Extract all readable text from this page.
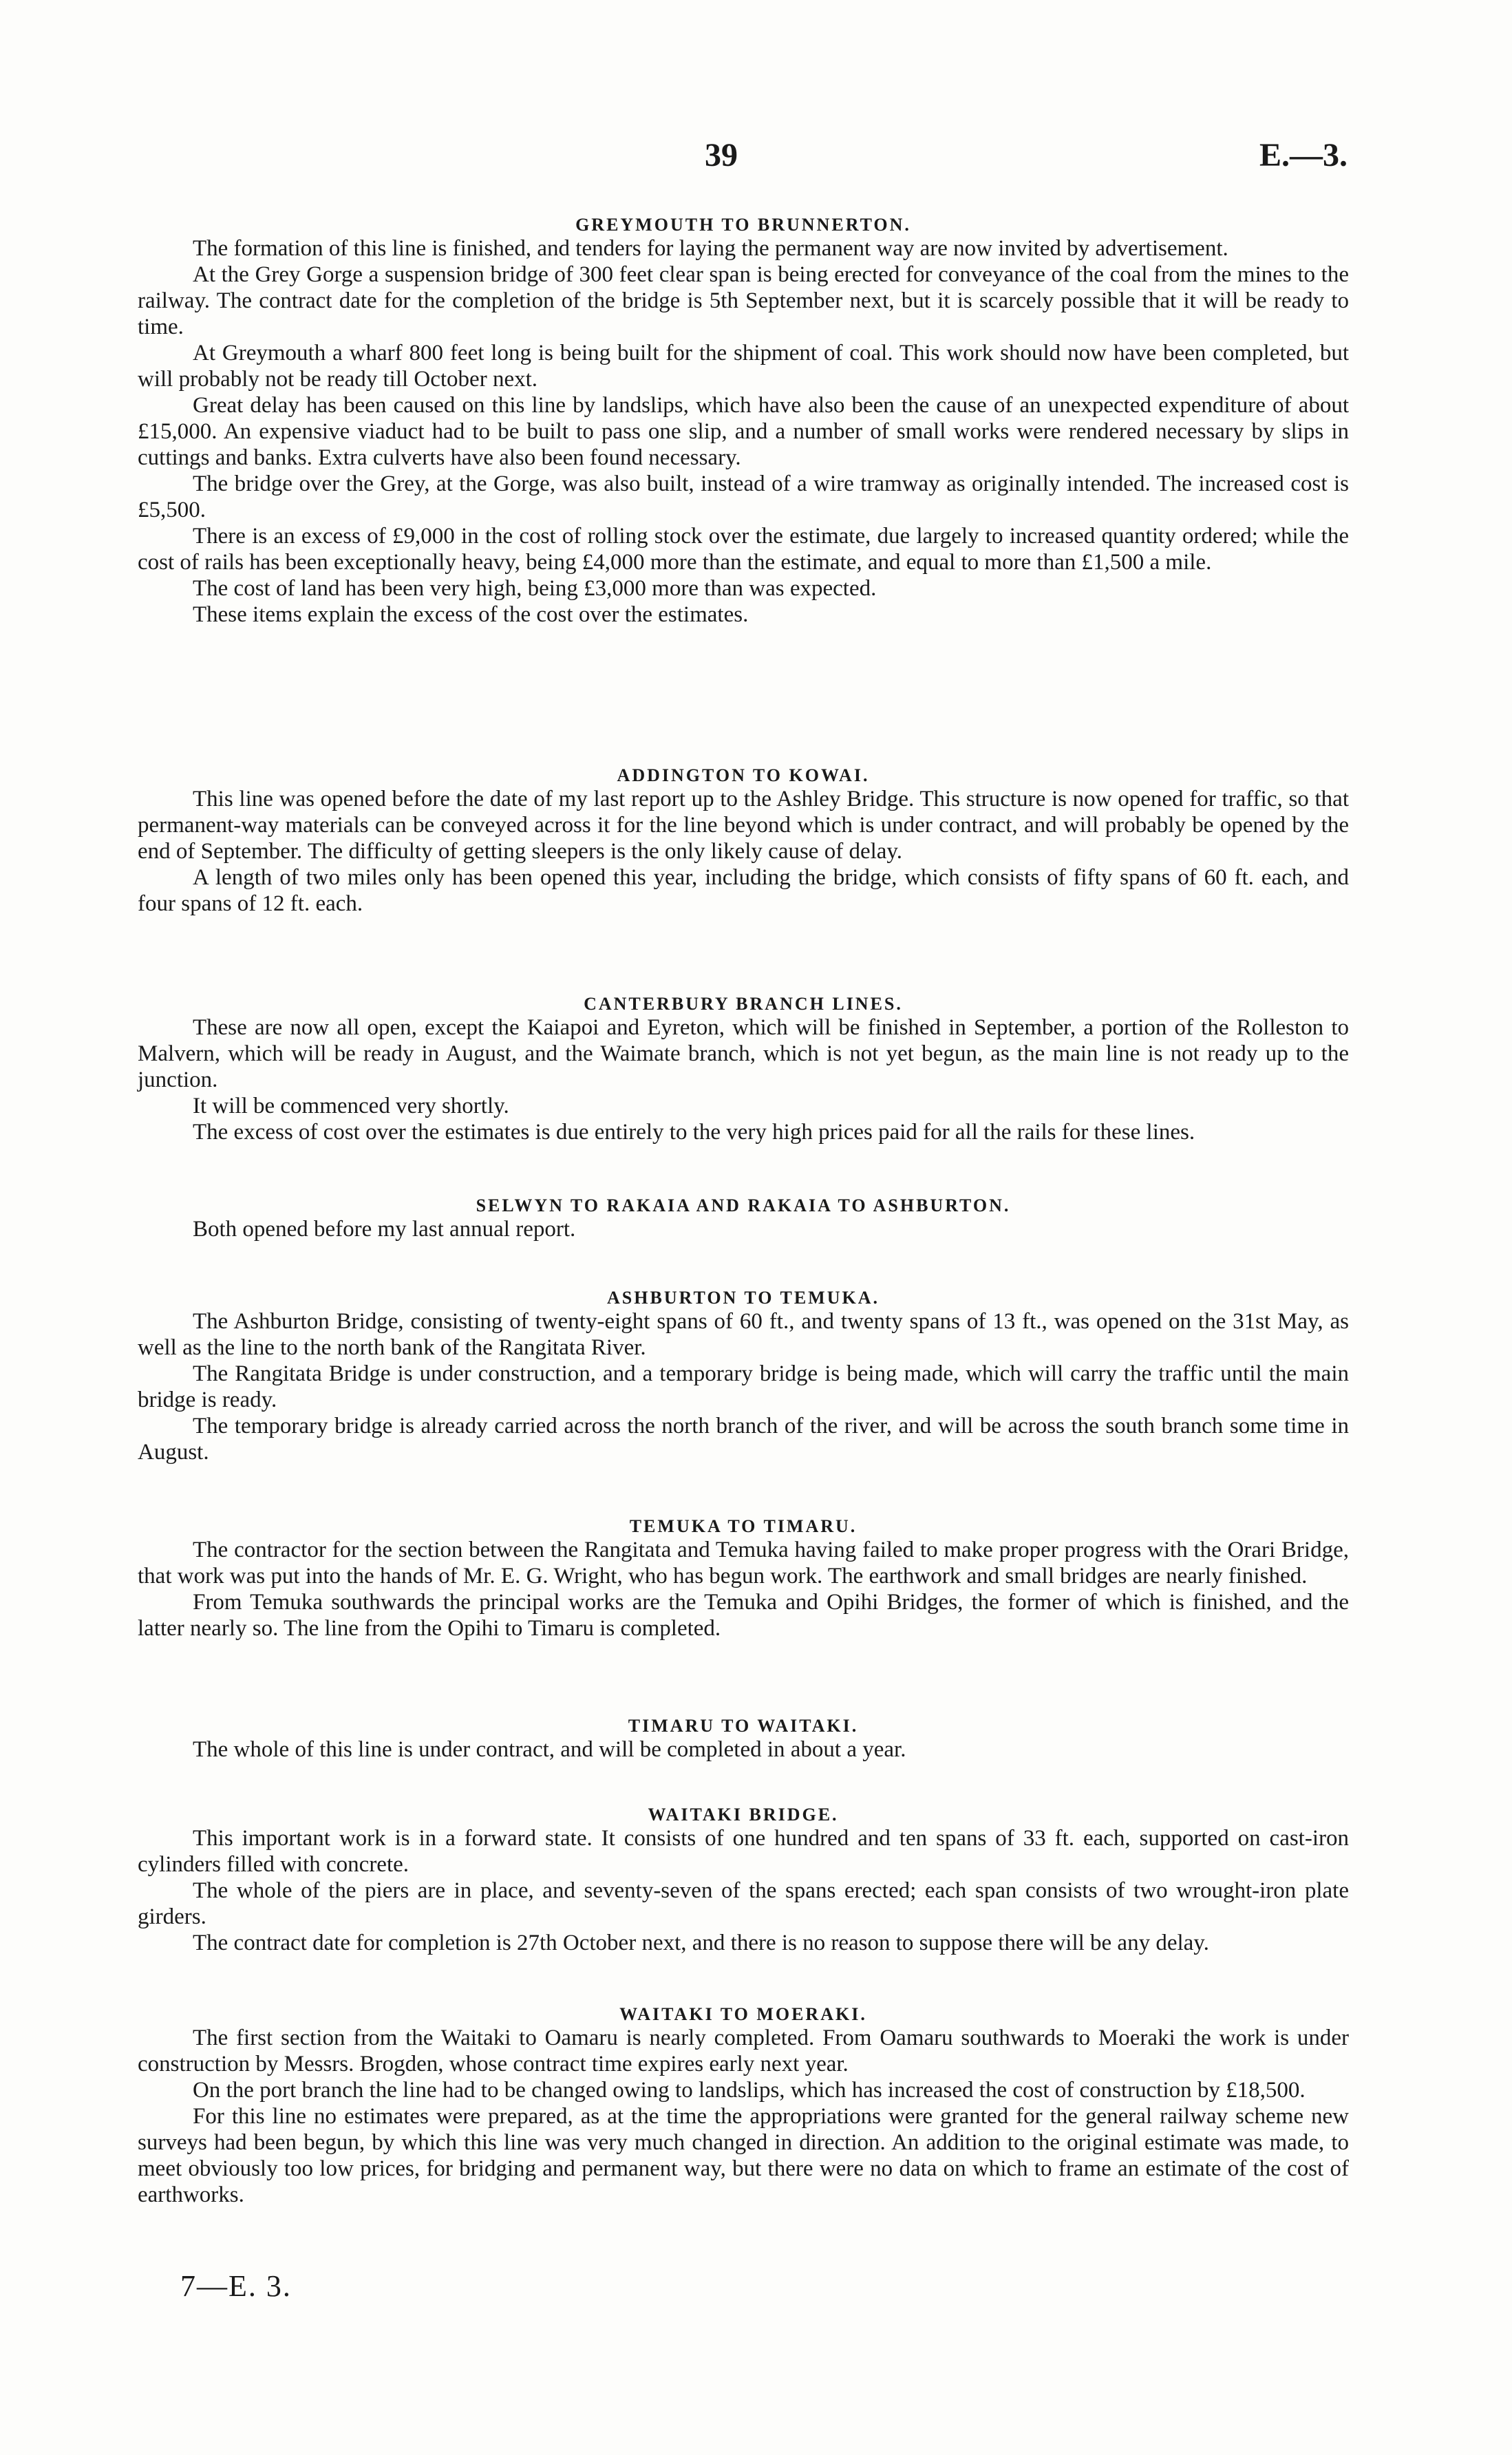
39	E.—3.
GREYMOUTH TO BRUNNERTON.

The formation of this line is finished, and tenders for laying the permanent way are now invited by advertisement.

At the Grey Gorge a suspension bridge of 300 feet clear span is being erected for conveyance of the coal from the mines to the railway. The contract date for the completion of the bridge is 5th September next, but it is scarcely possible that it will be ready to time.

At Greymouth a wharf 800 feet long is being built for the shipment of coal. This work should now have been completed, but will probably not be ready till October next.

Great delay has been caused on this line by landslips, which have also been the cause of an unexpected expenditure of about £15,000. An expensive viaduct had to be built to pass one slip, and a number of small works were rendered necessary by slips in cuttings and banks. Extra culverts have also been found necessary.

The bridge over the Grey, at the Gorge, was also built, instead of a wire tramway as originally intended. The increased cost is £5,500.

There is an excess of £9,000 in the cost of rolling stock over the estimate, due largely to increased quantity ordered; while the cost of rails has been exceptionally heavy, being £4,000 more than the estimate, and equal to more than £1,500 a mile.

The cost of land has been very high, being £3,000 more than was expected.

These items explain the excess of the cost over the estimates.

ADDINGTON TO KOWAI.

This line was opened before the date of my last report up to the Ashley Bridge. This structure is now opened for traffic, so that permanent-way materials can be conveyed across it for the line beyond which is under contract, and will probably be opened by the end of September. The difficulty of getting sleepers is the only likely cause of delay.

A length of two miles only has been opened this year, including the bridge, which consists of fifty spans of 60 ft. each, and four spans of 12 ft. each.

CANTERBURY BRANCH LINES.

These are now all open, except the Kaiapoi and Eyreton, which will be finished in September, a portion of the Rolleston to Malvern, which will be ready in August, and the Waimate branch, which is not yet begun, as the main line is not ready up to the junction.

It will be commenced very shortly.

The excess of cost over the estimates is due entirely to the very high prices paid for all the rails for these lines.

SELWYN TO RAKAIA AND RAKAIA TO ASHBURTON.

Both opened before my last annual report.

ASHBURTON TO TEMUKA.

The Ashburton Bridge, consisting of twenty-eight spans of 60 ft., and twenty spans of 13 ft., was opened on the 31st May, as well as the line to the north bank of the Rangitata River.

The Rangitata Bridge is under construction, and a temporary bridge is being made, which will carry the traffic until the main bridge is ready.

The temporary bridge is already carried across the north branch of the river, and will be across the south branch some time in August.

TEMUKA TO TIMARU.

The contractor for the section between the Rangitata and Temuka having failed to make proper progress with the Orari Bridge, that work was put into the hands of Mr. E. G. Wright, who has begun work. The earthwork and small bridges are nearly finished.

From Temuka southwards the principal works are the Temuka and Opihi Bridges, the former of which is finished, and the latter nearly so. The line from the Opihi to Timaru is completed.

TIMARU TO WAITAKI.

The whole of this line is under contract, and will be completed in about a year.

WAITAKI BRIDGE.

This important work is in a forward state. It consists of one hundred and ten spans of 33 ft. each, supported on cast-iron cylinders filled with concrete.

The whole of the piers are in place, and seventy-seven of the spans erected; each span consists of two wrought-iron plate girders.

The contract date for completion is 27th October next, and there is no reason to suppose there will be any delay.

WAITAKI TO MOERAKI.

The first section from the Waitaki to Oamaru is nearly completed. From Oamaru southwards to Moeraki the work is under construction by Messrs. Brogden, whose contract time expires early next year.

On the port branch the line had to be changed owing to landslips, which has increased the cost of construction by £18,500.

For this line no estimates were prepared, as at the time the appropriations were granted for the general railway scheme new surveys had been begun, by which this line was very much changed in direction. An addition to the original estimate was made, to meet obviously too low prices, for bridging and permanent way, but there were no data on which to frame an estimate of the cost of earthworks.

7—E. 3.
